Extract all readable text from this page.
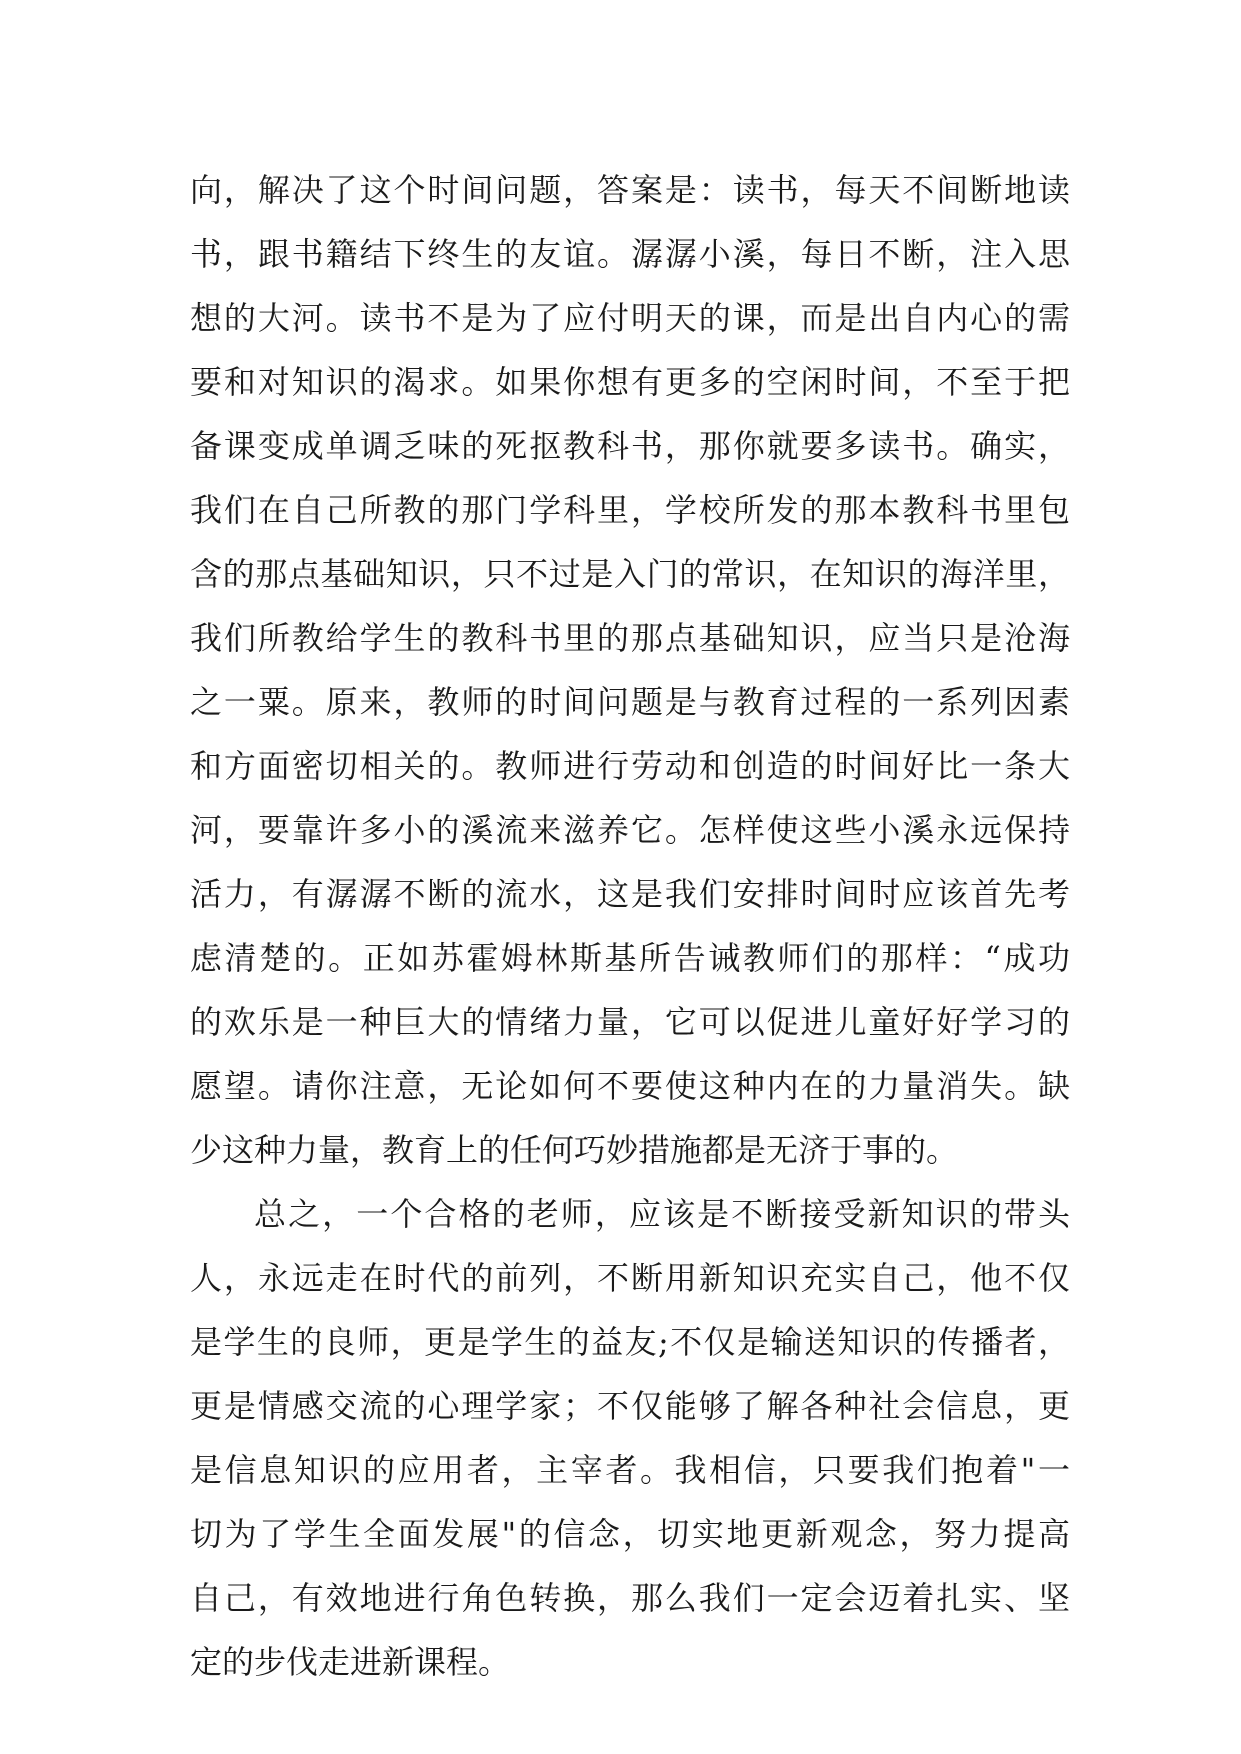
向，解决了这个时间问题，答案是：读书，每天不间断地读
书，跟书籍结下终生的友谊。潺潺小溪，每日不断，注入思
想的大河。读书不是为了应付明天的课，而是出自内心的需
要和对知识的渴求。如果你想有更多的空闲时间，不至于把
备课变成单调乏味的死抠教科书，那你就要多读书。确实，
我们在自己所教的那门学科里，学校所发的那本教科书里包
含的那点基础知识，只不过是入门的常识，在知识的海洋里，
我们所教给学生的教科书里的那点基础知识，应当只是沧海
之一粟。原来，教师的时间问题是与教育过程的一系列因素
和方面密切相关的。教师进行劳动和创造的时间好比一条大
河，要靠许多小的溪流来滋养它。怎样使这些小溪永远保持
活力，有潺潺不断的流水，这是我们安排时间时应该首先考
虑清楚的。正如苏霍姆林斯基所告诫教师们的那样：“成功
的欢乐是一种巨大的情绪力量，它可以促进儿童好好学习的
愿望。请你注意，无论如何不要使这种内在的力量消失。缺
少这种力量，教育上的任何巧妙措施都是无济于事的。
总之，一个合格的老师，应该是不断接受新知识的带头
人，永远走在时代的前列，不断用新知识充实自己，他不仅
是学生的良师，更是学生的益友;不仅是输送知识的传播者，
更是情感交流的心理学家；不仅能够了解各种社会信息，更
是信息知识的应用者，主宰者。我相信，只要我们抱着"一
切为了学生全面发展"的信念，切实地更新观念，努力提高
自己，有效地进行角色转换，那么我们一定会迈着扎实、坚
定的步伐走进新课程。
